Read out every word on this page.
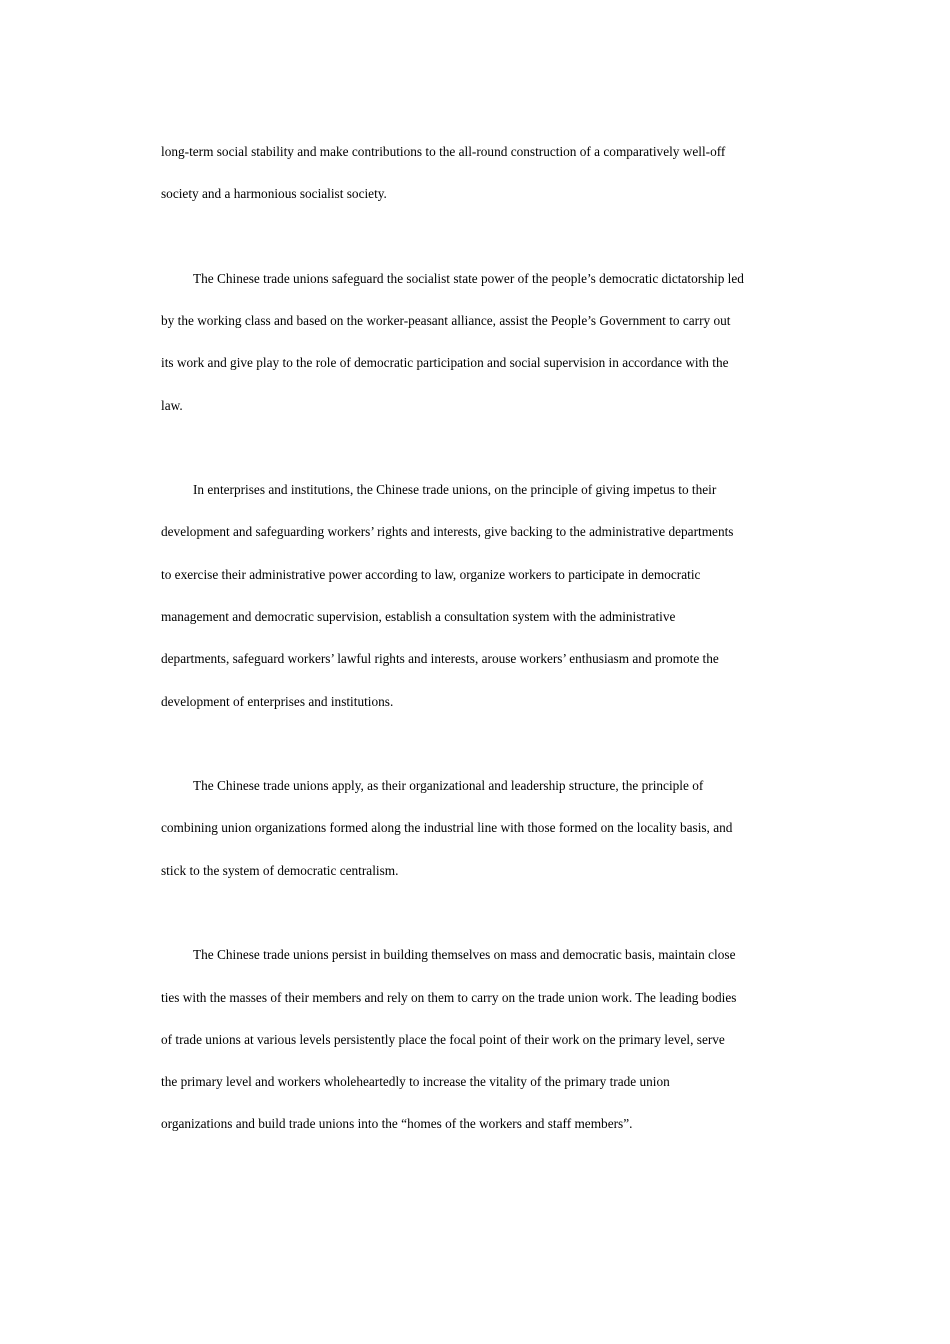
long-term social stability and make contributions to the all-round construction of a comparatively well-off

society and a harmonious socialist society.

The Chinese trade unions safeguard the socialist state power of the people’s democratic dictatorship led

by the working class and based on the worker-peasant alliance, assist the People’s Government to carry out

its work and give play to the role of democratic participation and social supervision in accordance with the

law.

In enterprises and institutions, the Chinese trade unions, on the principle of giving impetus to their

development and safeguarding workers’ rights and interests, give backing to the administrative departments

to exercise their administrative power according to law, organize workers to participate in democratic

management and democratic supervision, establish a consultation system with the administrative

departments, safeguard workers’ lawful rights and interests, arouse workers’ enthusiasm and promote the

development of enterprises and institutions.

The Chinese trade unions apply, as their organizational and leadership structure, the principle of

combining union organizations formed along the industrial line with those formed on the locality basis, and

stick to the system of democratic centralism.

The Chinese trade unions persist in building themselves on mass and democratic basis, maintain close

ties with the masses of their members and rely on them to carry on the trade union work. The leading bodies

of trade unions at various levels persistently place the focal point of their work on the primary level, serve

the primary level and workers wholeheartedly to increase the vitality of the primary trade union

organizations and build trade unions into the “homes of the workers and staff members”.
